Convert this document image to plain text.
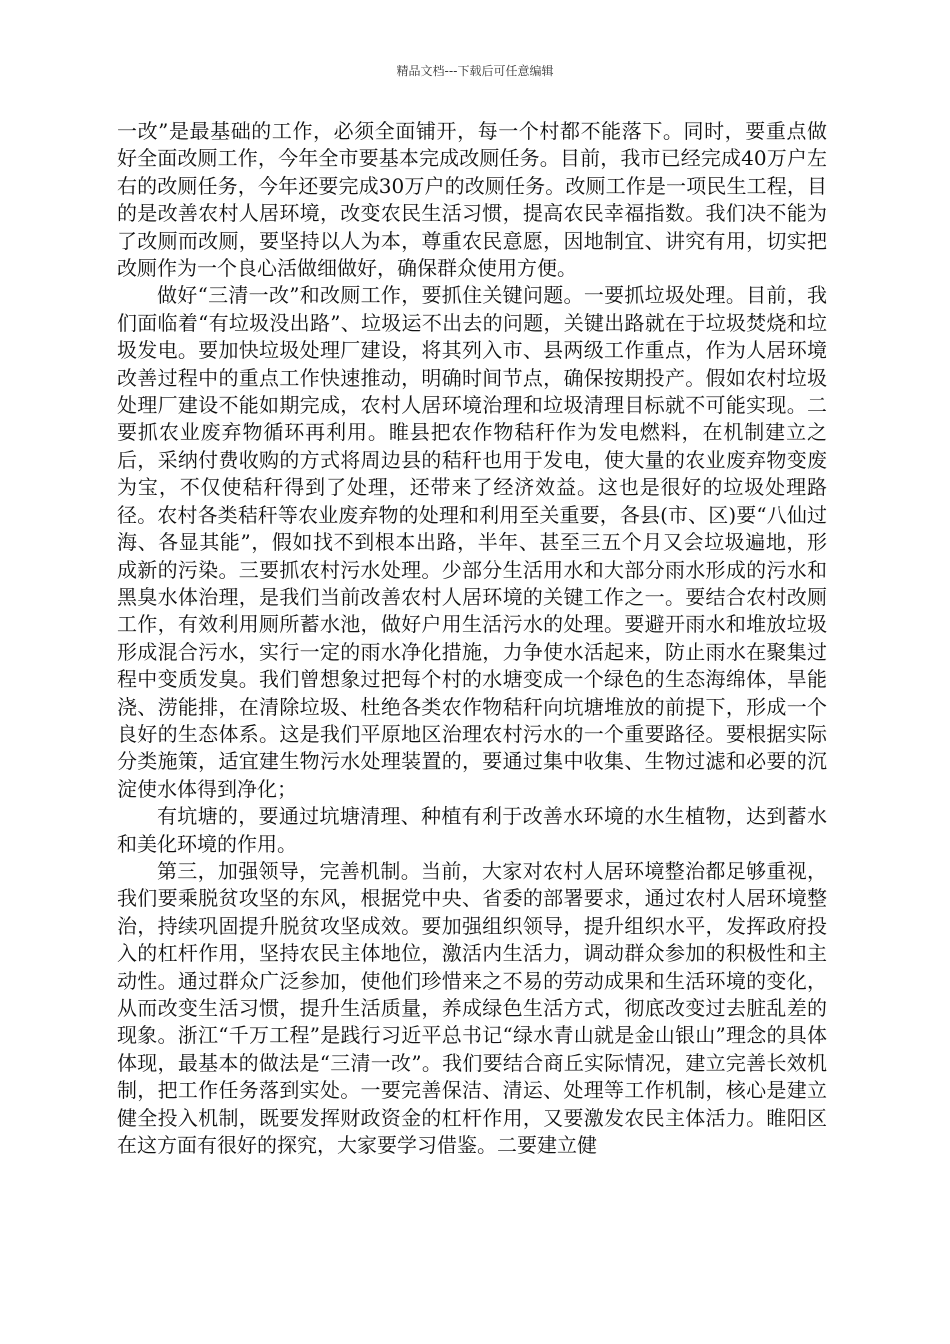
精品文档---下载后可任意编辑

一改”是最基础的工作，必须全面铺开，每一个村都不能落下。同时，要重点做好全面改厕工作，今年全市要基本完成改厕任务。目前，我市已经完成40万户左右的改厕任务，今年还要完成30万户的改厕任务。改厕工作是一项民生工程，目的是改善农村人居环境，改变农民生活习惯，提高农民幸福指数。我们决不能为了改厕而改厕，要坚持以人为本，尊重农民意愿，因地制宜、讲究有用，切实把改厕作为一个良心活做细做好，确保群众使用方便。

做好“三清一改”和改厕工作，要抓住关键问题。一要抓垃圾处理。目前，我们面临着“有垃圾没出路”、垃圾运不出去的问题，关键出路就在于垃圾焚烧和垃圾发电。要加快垃圾处理厂建设，将其列入市、县两级工作重点，作为人居环境改善过程中的重点工作快速推动，明确时间节点，确保按期投产。假如农村垃圾处理厂建设不能如期完成，农村人居环境治理和垃圾清理目标就不可能实现。二要抓农业废弃物循环再利用。睢县把农作物秸秆作为发电燃料，在机制建立之后，采纳付费收购的方式将周边县的秸秆也用于发电，使大量的农业废弃物变废为宝，不仅使秸秆得到了处理，还带来了经济效益。这也是很好的垃圾处理路径。农村各类秸秆等农业废弃物的处理和利用至关重要，各县(市、区)要“八仙过海、各显其能”，假如找不到根本出路，半年、甚至三五个月又会垃圾遍地，形成新的污染。三要抓农村污水处理。少部分生活用水和大部分雨水形成的污水和黑臭水体治理，是我们当前改善农村人居环境的关键工作之一。要结合农村改厕工作，有效利用厕所蓄水池，做好户用生活污水的处理。要避开雨水和堆放垃圾形成混合污水，实行一定的雨水净化措施，力争使水活起来，防止雨水在聚集过程中变质发臭。我们曾想象过把每个村的水塘变成一个绿色的生态海绵体，旱能浇、涝能排，在清除垃圾、杜绝各类农作物秸秆向坑塘堆放的前提下，形成一个良好的生态体系。这是我们平原地区治理农村污水的一个重要路径。要根据实际分类施策，适宜建生物污水处理装置的，要通过集中收集、生物过滤和必要的沉淀使水体得到净化；

有坑塘的，要通过坑塘清理、种植有利于改善水环境的水生植物，达到蓄水和美化环境的作用。

第三，加强领导，完善机制。当前，大家对农村人居环境整治都足够重视，我们要乘脱贫攻坚的东风，根据党中央、省委的部署要求，通过农村人居环境整治，持续巩固提升脱贫攻坚成效。要加强组织领导，提升组织水平，发挥政府投入的杠杆作用，坚持农民主体地位，激活内生活力，调动群众参加的积极性和主动性。通过群众广泛参加，使他们珍惜来之不易的劳动成果和生活环境的变化，从而改变生活习惯，提升生活质量，养成绿色生活方式，彻底改变过去脏乱差的现象。浙江“千万工程”是践行习近平总书记“绿水青山就是金山银山”理念的具体体现，最基本的做法是“三清一改”。我们要结合商丘实际情况，建立完善长效机制，把工作任务落到实处。一要完善保洁、清运、处理等工作机制，核心是建立健全投入机制，既要发挥财政资金的杠杆作用，又要激发农民主体活力。睢阳区在这方面有很好的探究，大家要学习借鉴。二要建立健
